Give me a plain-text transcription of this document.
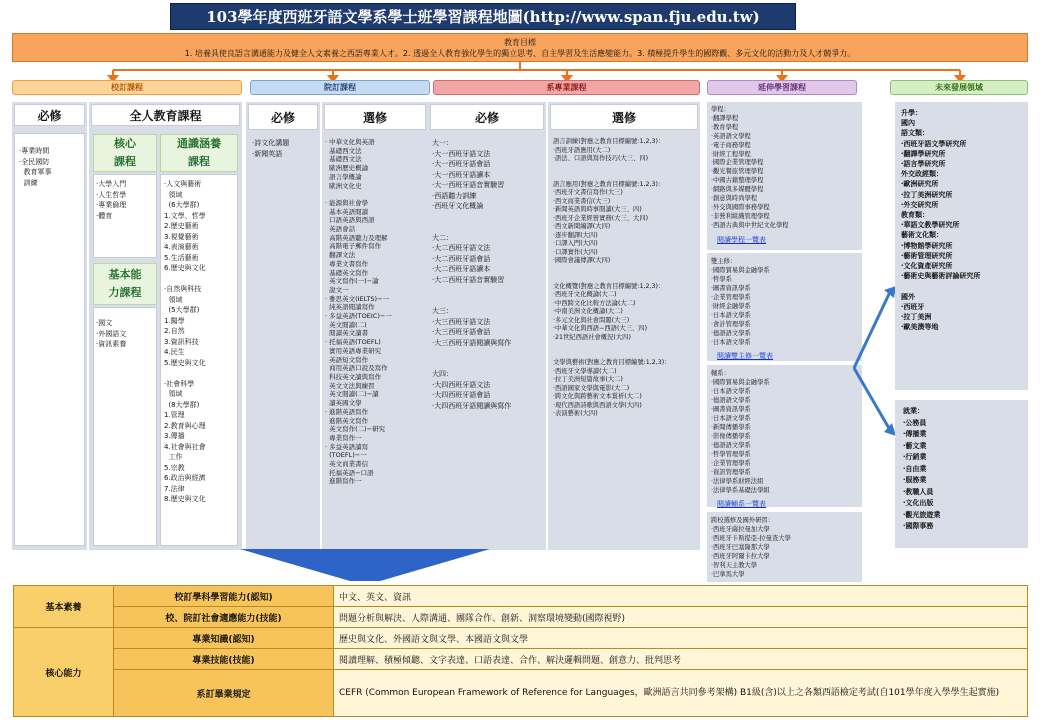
103學年度西班牙語文學系學士班學習課程地圖(http://www.span.fju.edu.tw)
教育目標
1. 培養具使良語言溝通能力及健全人文素養之西語專業人才。2. 透過全人教育強化學生的獨立思考、自主學習及生活應變能力。3. 積極提升學生的國際觀、多元文化的活動力及人才競爭力。
校訂課程	院訂課程	系專業課程	延伸學習課程	未來發展領域
必修
‧專業時間
‧全民國防
教育軍事
訓練
全人教育課程
核心
課程
‧大學入門
‧人生哲學
‧專業倫理
‧體育
基本能
力課程
‧國文
‧外國語文
‧資訊素養
通識涵養
課程
‧人文與藝術
領域
(6大學群)
1.文學、哲學
2.歷史藝術
3.視覺藝術
4.表演藝術
5.生活藝術
6.歷史與文化

‧自然與科技
領域
(5大學群)
1.醫學
2.自然
3.資訊科技
4.民生
5.歷史與文化

‧社會科學
領域
(8大學群)
1.管理
2.教育與心理
3.傳播
4.社會與社會
工作
5.宗教
6.政治與經濟
7.法律
8.歷史與文化
必修
‧詩文化講題
‧新聞英語
選修
‧ 中華文化與英語
基礎西文法
基礎西文法
歐洲歷史概論
語言學概論
歐洲文化史

‧ 能源與社會學
基本英語閱讀
口語英語與西語
英語會話
高階英語聽力及理解
高階電子郵件寫作
翻譯文法
專業文書寫作
基礎英文寫作
英文寫作(一)−論
說文一
‧ 雅思英文(IELTS)−一
純英語閱讀寫作
‧ 多益英語(TOEIC)−一
英文閱讀(二)
閱讀英文讀書
‧ 托福英語(TOEFL)
實用英語專業研究
英語短文寫作
商用英語口說及寫作
科技英文讀與寫作
英文文法與練習
英文閱讀(二)−讀
讀英國文學
‧ 進階英語寫作
進階英文寫作
英文寫作(二)−研究
專業寫作一
‧ 多益英語讀寫
(TOEFL)−一
英文商業書信
托福英語−口語
進階寫作一
必修
大一：
‧大一西班牙語文法
‧大一西班牙語會話
‧大一西班牙語讀本
‧大一西班牙語音實驗習
‧西語聽力訓練
‧西班牙文化概論

大二：
‧大二西班牙語文法
‧大二西班牙語會話
‧大二西班牙語讀本
‧大二西班牙語音實驗習

大三：
‧大三西班牙語文法
‧大三西班牙語會話
‧大三西班牙語閱讀與寫作

大四：
‧大四西班牙語文法
‧大四西班牙語會話
‧大四西班牙語閱讀與寫作
選修
語言訓練(對應之教育目標編號:1,2,3)：
‧西班牙語應用(大二)
‧語法、口語與寫作技巧(大三、四)

語言應用(對應之教育目標編號:1,2,3)：
‧西班牙文書信寫作(大三)
‧西文商業書信(大三)
‧新聞英語與時事閱讀(大三、四)
‧西班牙企業經營實務(大三、大四)
‧西文新聞編譯(大四)
‧逐步翻譯(大四)
‧口譯入門(大四)
‧口譯實作(大四)
‧國際會議傳譯(大四)

文化概覽(對應之教育目標編號:1,2,3)：
‧西班牙文化概論(大二)
‧中西跨文化比較方法論(大二)
‧中南美洲文化概論(大二)
‧多元文化與社會問題(大三)
‧中華文化與西語−西語(大三、四)
‧21世紀西語社會概況(大四)

文學與藝術(對應之教育目標編號:1,2,3)：
‧西班牙文學導讀(大二)
‧拉丁美洲短篇故事(大二)
‧西語國家文學與電影(大二)
‧跨文化與跨藝術文本賞析(大二)
‧現代西語詩歌與西語文學(大四)
‧表演藝術(大四)
學程：
‧翻譯學程
‧教育學程
‧英語語文學程
‧電子商務學程
‧財經工程學程
‧國際企業管理學程
‧觀光餐旅管理學程
‧中國古籍整理學程
‧網路與多媒體學程
‧創意與時尚學程
‧外交與國際事務學程
‧非營利組織管理學程
‧西語古典與中世紀文化學程
閱讀學程一覽表
雙主修：
‧國際貿易與金融學系
‧哲學系
‧圖書資訊學系
‧企業管理學系
‧財經金融學系
‧日本語文學系
‧會計管理學系
‧德語語文學系
‧日本語文學系
閱讀雙主修一覽表
輔系：
‧國際貿易與金融學系
‧日本語文學系
‧德語語文學系
‧圖書資訊學系
‧日本語文學系
‧新聞傳播學系
‧影像傳播學系
‧德語語文學系
‧哲學管理學系
‧企業管理學系
‧資訊管理學系
‧法律學系財經法組
‧法律學系基礎法學組
閱讀輔系一覽表
跨校選修及國外研習：
‧西班牙薩拉曼加大學
‧西班牙卡斯提亞-拉曼查大學
‧西班牙巴塞隆那大學
‧西班牙阿爾卡拉大學
‧智利天主教大學
‧巴拿馬大學
升學：
國內
語文類：
‧西班牙語文學研究所
‧翻譯學研究所
‧語言學研究所
外交政經類：
‧歐洲研究所
‧拉丁美洲研究所
‧外交研究所
教育類：
‧華語文教學研究所
藝術文化類：
‧博物館學研究所
‧藝術管理研究所
‧文化資產研究所
‧藝術史與藝術評論研究所

國外
‧西班牙
‧拉丁美洲
‧歐美澳等地
就業：
‧公務員
‧傳播業
‧藝文業
‧行銷業
‧自由業
‧服務業
‧教職人員
‧文化出版
‧觀光旅遊業
‧國際事務
基本素養	校訂學科學習能力(認知)	中文、英文、資訊
	校、院訂社會適應能力(技能)	問題分析與解決、人際溝通、團隊合作、創新、洞察環境變動(國際視野)
核心能力	專業知識(認知)	歷史與文化、外國語文與文學、本國語文與文學
	專業技能(技能)	閱讀理解、積極傾聽、文字表達、口語表達、合作、解決邏輯問題、創意力、批判思考
	系訂畢業規定	CEFR (Common European Framework of Reference for Languages，歐洲語言共同參考架構) B1級(含)以上之各類西語檢定考試(自101學年度入學學生起實施)
